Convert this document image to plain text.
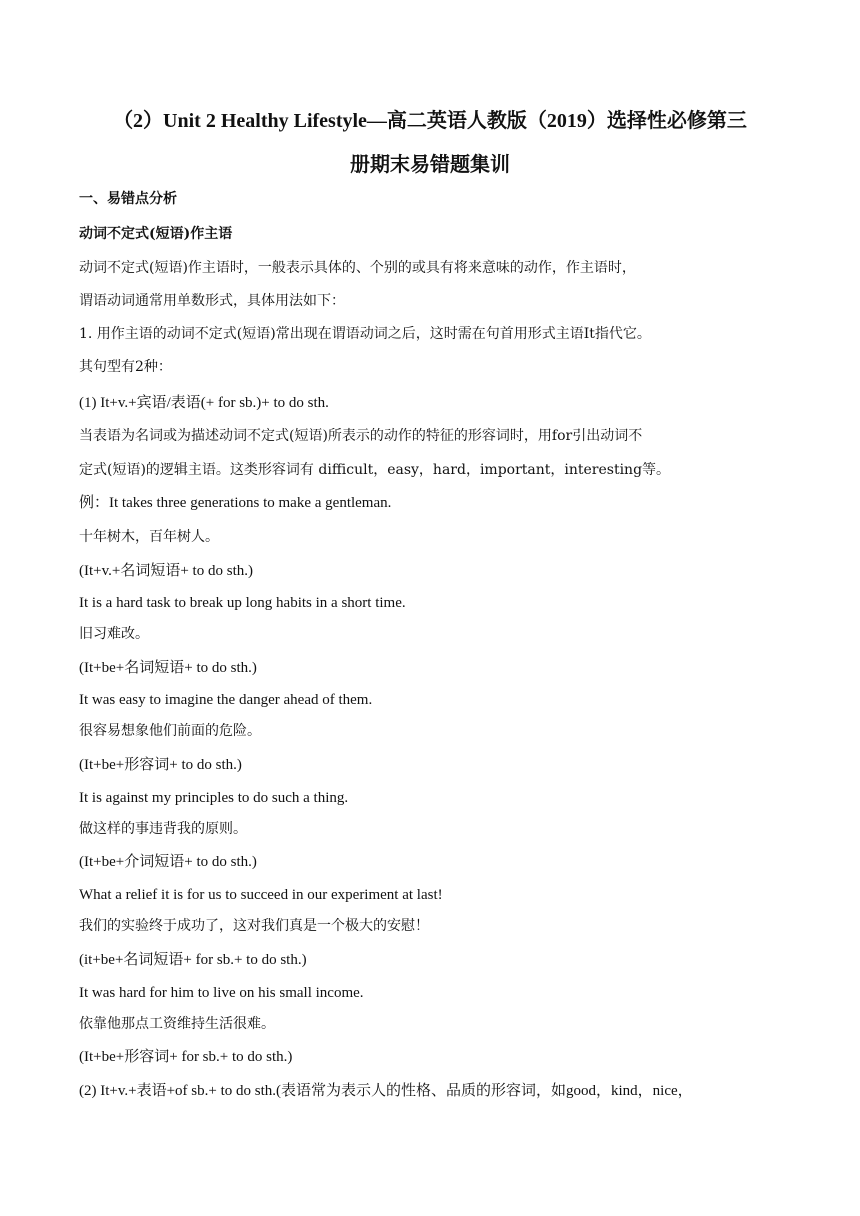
（2）Unit 2 Healthy Lifestyle—高二英语人教版（2019）选择性必修第三
册期末易错题集训
一、易错点分析
动词不定式(短语)作主语
动词不定式(短语)作主语时，一般表示具体的、个别的或具有将来意味的动作，作主语时，
谓语动词通常用单数形式，具体用法如下：
1. 用作主语的动词不定式(短语)常出现在谓语动词之后，这时需在句首用形式主语It指代它。
其句型有2种：
(1) It+v.+宾语/表语(+ for sb.)+ to do sth.
当表语为名词或为描述动词不定式(短语)所表示的动作的特征的形容词时，用for引出动词不
定式(短语)的逻辑主语。这类形容词有 difficult，easy，hard，important，interesting等。
例：It takes three generations to make a gentleman.
十年树木，百年树人。
(It+v.+名词短语+ to do sth.)
It is a hard task to break up long habits in a short time.
旧习难改。
(It+be+名词短语+ to do sth.)
It was easy to imagine the danger ahead of them.
很容易想象他们前面的危险。
(It+be+形容词+ to do sth.)
It is against my principles to do such a thing.
做这样的事违背我的原则。
(It+be+介词短语+ to do sth.)
What a relief it is for us to succeed in our experiment at last!
我们的实验终于成功了，这对我们真是一个极大的安慰！
(it+be+名词短语+ for sb.+ to do sth.)
It was hard for him to live on his small income.
依靠他那点工资维持生活很难。
(It+be+形容词+ for sb.+ to do sth.)
(2) It+v.+表语+of sb.+ to do sth.(表语常为表示人的性格、品质的形容词，如good，kind，nice，
